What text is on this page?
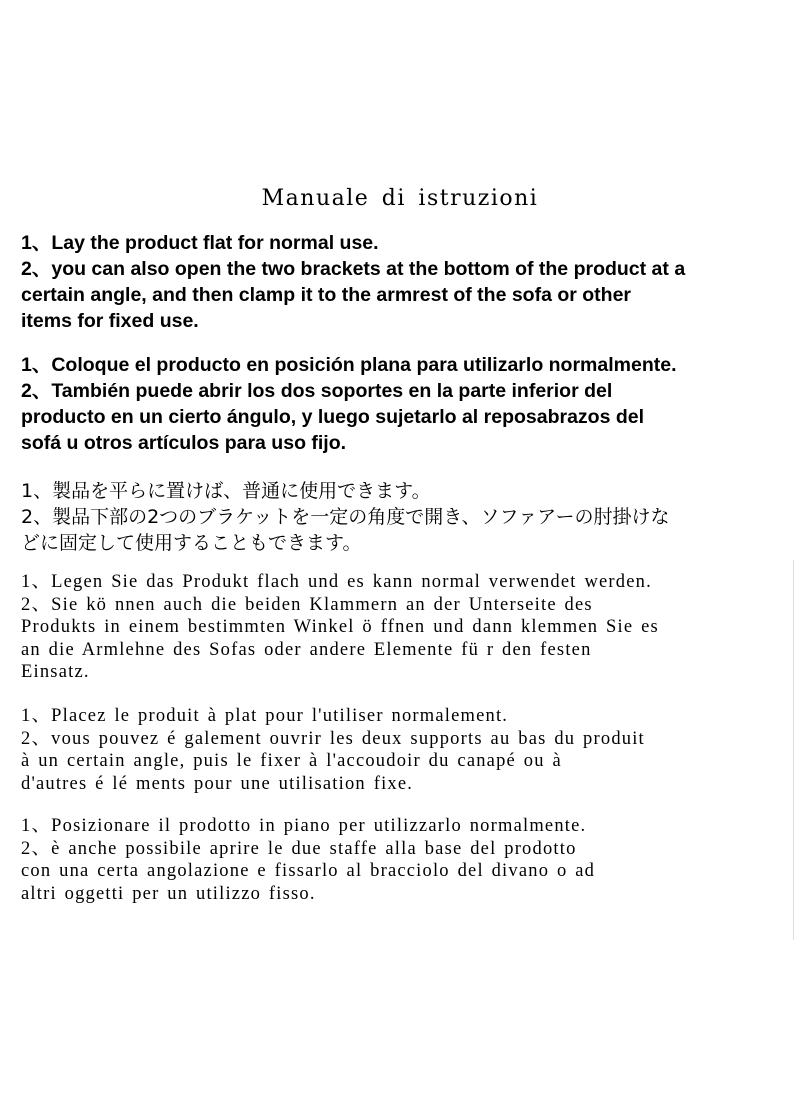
Manuale di istruzioni
1、Lay the product flat for normal use.
2、you can also open the two brackets at the bottom of the product at a
certain angle, and then clamp it to the armrest of the sofa or other
items for fixed use.
1、Coloque el producto en posición plana para utilizarlo normalmente.
2、También puede abrir los dos soportes en la parte inferior del
producto en un cierto ángulo, y luego sujetarlo al reposabrazos del
sofá u otros artículos para uso fijo.
1、製品を平らに置けば、普通に使用できます。
2、製品下部の2つのブラケットを一定の角度で開き、ソファアーの肘掛けな
どに固定して使用することもできます。
1、Legen Sie das Produkt flach und es kann normal verwendet werden.
2、Sie kö nnen auch die beiden Klammern an der Unterseite des
Produkts in einem bestimmten Winkel ö ffnen und dann klemmen Sie es
an die Armlehne des Sofas oder andere Elemente fü r den festen
Einsatz.
1、Placez le produit à plat pour l'utiliser normalement.
2、vous pouvez é galement ouvrir les deux supports au bas du produit
à un certain angle, puis le fixer à l'accoudoir du canapé ou à
d'autres é lé ments pour une utilisation fixe.
1、Posizionare il prodotto in piano per utilizzarlo normalmente.
2、è anche possibile aprire le due staffe alla base del prodotto
con una certa angolazione e fissarlo al bracciolo del divano o ad
altri oggetti per un utilizzo fisso.
